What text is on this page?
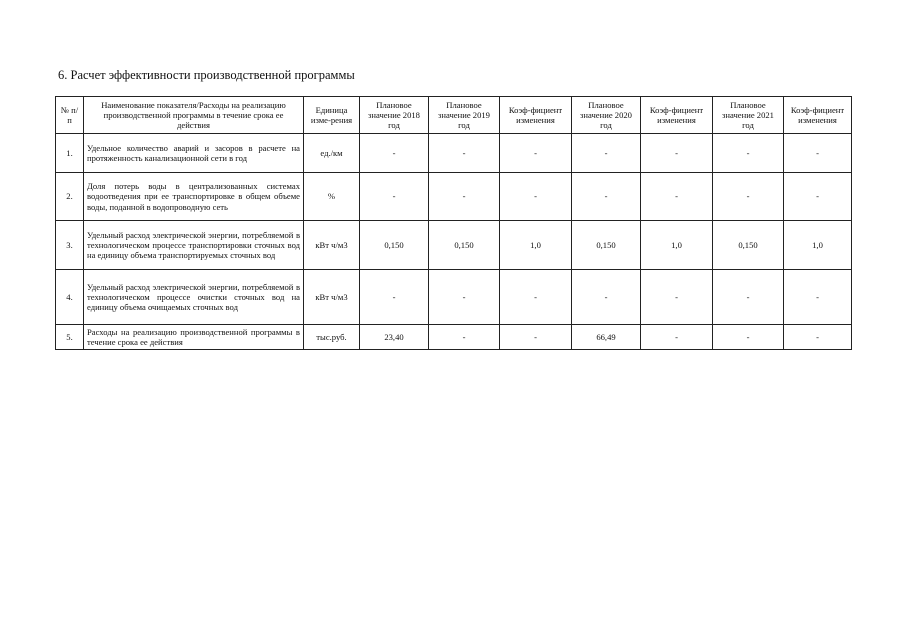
6. Расчет эффективности производственной программы
№ п/п	Наименование показателя/Расходы на реализацию производственной программы в течение срока ее действия	Единица изме-рения	Плановое значение 2018 год	Плановое значение 2019 год	Коэф-фициент изменения	Плановое значение 2020 год	Коэф-фициент изменения	Плановое значение 2021 год	Коэф-фициент изменения
1.	Удельное количество аварий и засоров в расчете на протяженность канализационной сети в год	ед./км	-	-	-	-	-	-	-
2.	Доля потерь воды в централизованных системах водоотведения при ее транспортировке в общем объеме воды, поданной в водопроводную сеть	%	-	-	-	-	-	-	-
3.	Удельный расход электрической энергии, потребляемой в технологическом процессе транспортировки сточных вод на единицу объема транспортируемых сточных вод	кВт ч/м3	0,150	0,150	1,0	0,150	1,0	0,150	1,0
4.	Удельный расход электрической энергии, потребляемой в технологическом процессе очистки сточных вод на единицу объема очищаемых сточных вод	кВт ч/м3	-	-	-	-	-	-	-
5.	Расходы на реализацию производственной программы в течение срока ее действия	тыс.руб.	23,40	-	-	66,49	-	-	-
